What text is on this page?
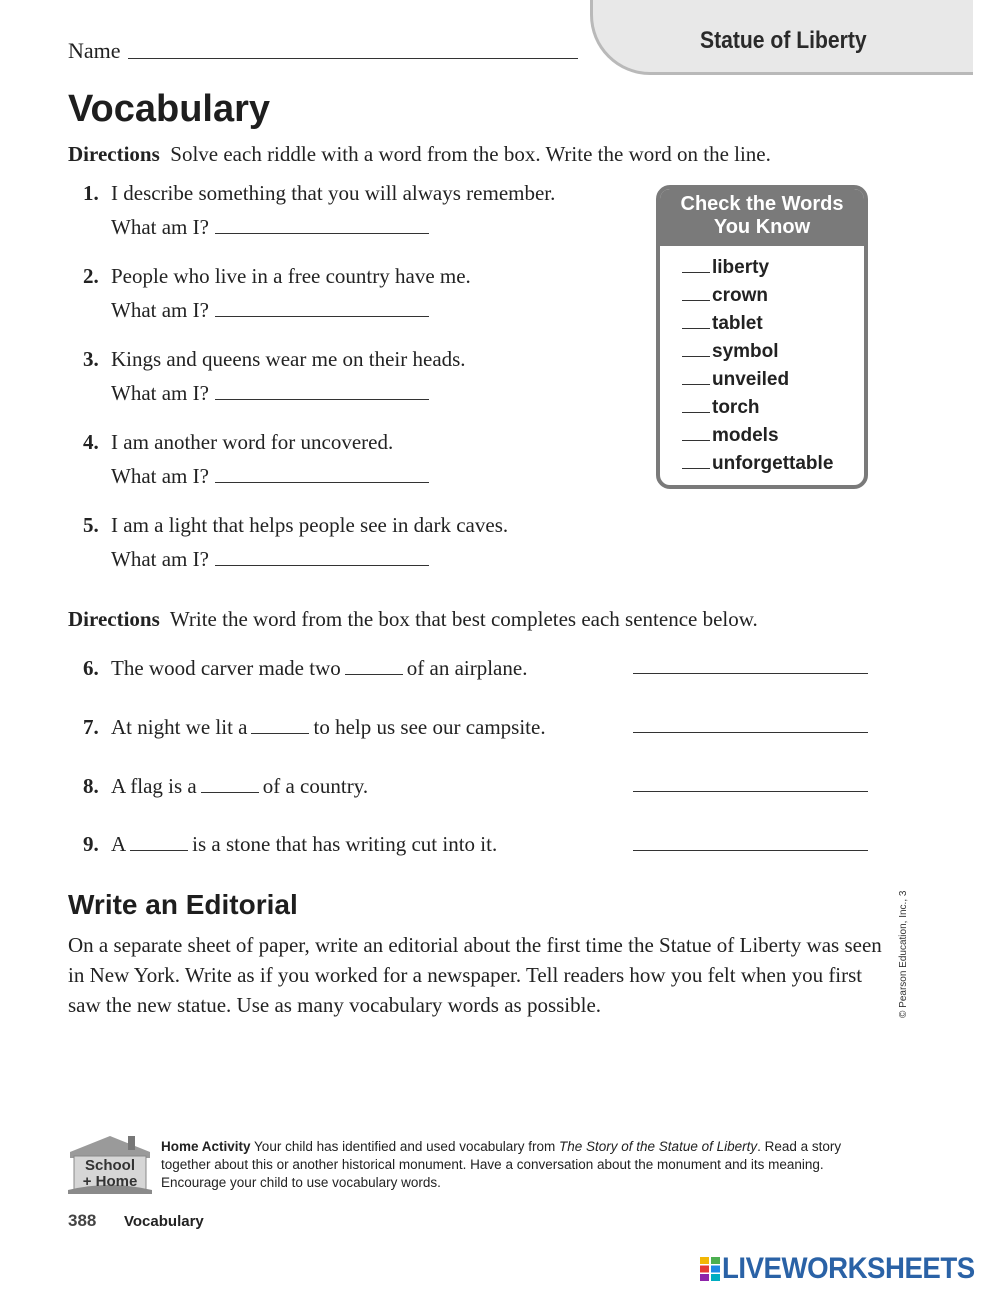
Statue of Liberty
Name
Vocabulary
Directions Solve each riddle with a word from the box. Write the word on the line.
1. I describe something that you will always remember.
What am I?
2. People who live in a free country have me.
What am I?
3. Kings and queens wear me on their heads.
What am I?
4. I am another word for uncovered.
What am I?
5. I am a light that helps people see in dark caves.
What am I?
Check the Words
You Know
liberty
crown
tablet
symbol
unveiled
torch
models
unforgettable
Directions Write the word from the box that best completes each sentence below.
6. The wood carver made two	of an airplane.
7. At night we lit a	to help us see our campsite.
8. A flag is a	of a country.
9. A	is a stone that has writing cut into it.
Write an Editorial
On a separate sheet of paper, write an editorial about the first time the Statue of Liberty was seen in New York. Write as if you worked for a newspaper. Tell readers how you felt when you first saw the new statue. Use as many vocabulary words as possible.	© Pearson Education, Inc., 3
School
+ Home
Home Activity Your child has identified and used vocabulary from The Story of the Statue of Liberty. Read a story together about this or another historical monument. Have a conversation about the monument and its meaning. Encourage your child to use vocabulary words.
388 Vocabulary
LIVEWORKSHEETS
